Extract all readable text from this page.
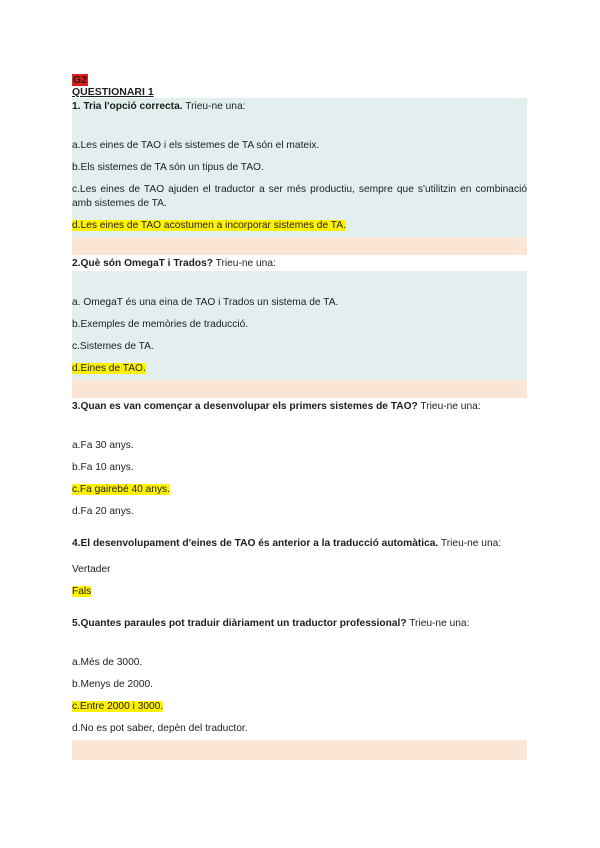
G2
QUESTIONARI 1
1. Tria l'opció correcta. Trieu-ne una:
a.Les eines de TAO i els sistemes de TA són el mateix.
b.Els sistemes de TA són un tipus de TAO.
c.Les eines de TAO ajuden el traductor a ser més productiu, sempre que s'utilitzin en combinació amb sistemes de TA.
d.Les eines de TAO acostumen a incorporar sistemes de TA.
2.Què són OmegaT i Trados? Trieu-ne una:
a. OmegaT és una eina de TAO i Trados un sistema de TA.
b.Exemples de memòries de traducció.
c.Sistemes de TA.
d.Eines de TAO.
3.Quan es van començar a desenvolupar els primers sistemes de TAO? Trieu-ne una:
a.Fa 30 anys.
b.Fa 10 anys.
c.Fa gairebé 40 anys.
d.Fa 20 anys.
4.El desenvolupament d'eines de TAO és anterior a la traducció automàtica. Trieu-ne una:
Vertader
Fals
5.Quantes paraules pot traduir diàriament un traductor professional? Trieu-ne una:
a.Més de 3000.
b.Menys de 2000.
c.Entre 2000 i 3000.
d.No es pot saber, depèn del traductor.
